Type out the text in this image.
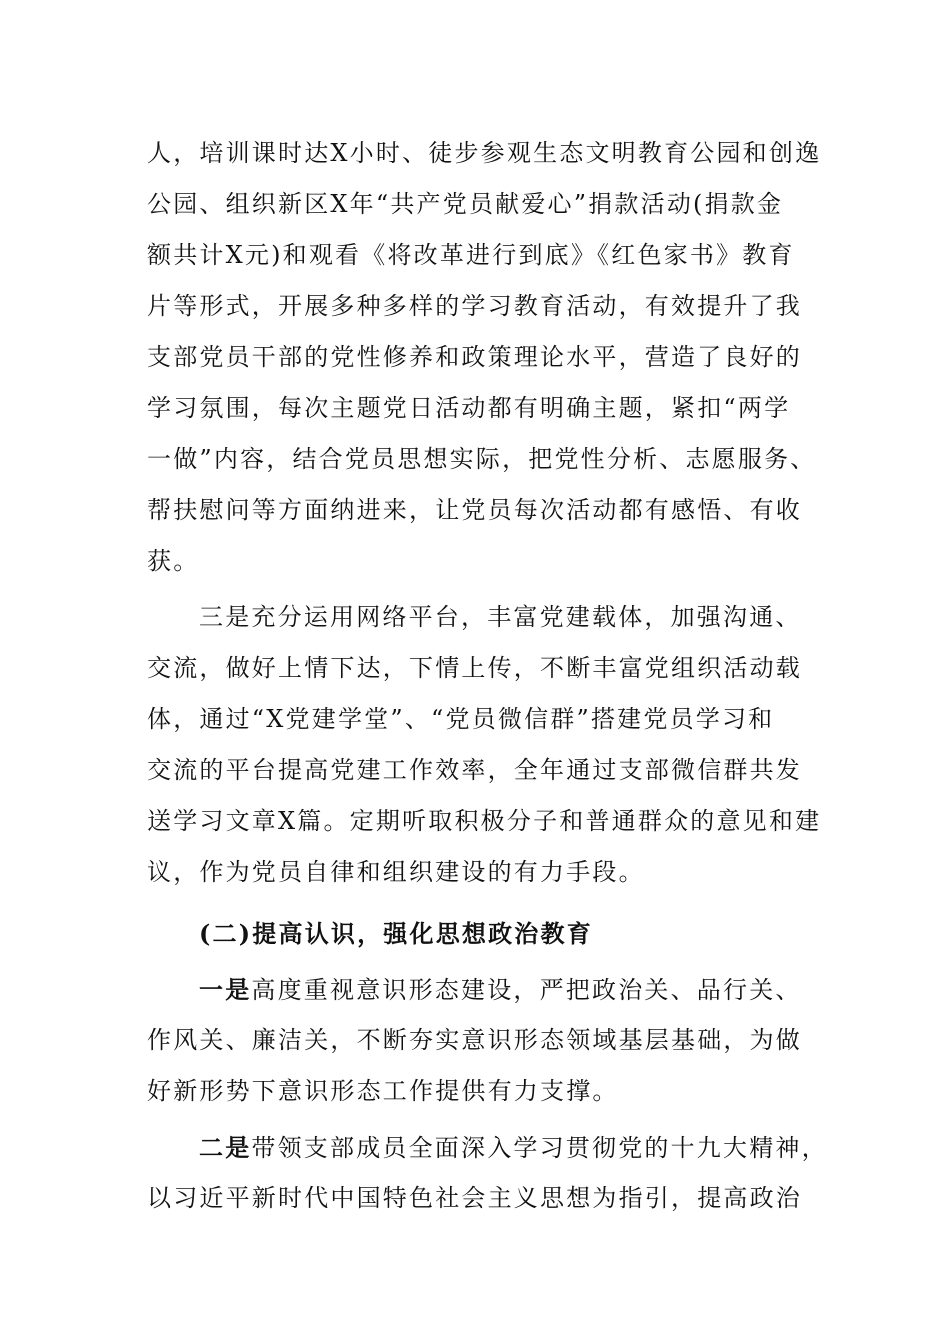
人，培训课时达X小时、徒步参观生态文明教育公园和创逸
公园、组织新区X年“共产党员献爱心”捐款活动(捐款金
额共计X元)和观看《将改革进行到底》《红色家书》教育
片等形式，开展多种多样的学习教育活动，有效提升了我
支部党员干部的党性修养和政策理论水平，营造了良好的
学习氛围，每次主题党日活动都有明确主题，紧扣“两学
一做”内容，结合党员思想实际，把党性分析、志愿服务、
帮扶慰问等方面纳进来，让党员每次活动都有感悟、有收
获。
三是充分运用网络平台，丰富党建载体，加强沟通、
交流，做好上情下达，下情上传，不断丰富党组织活动载
体，通过“X党建学堂”、“党员微信群”搭建党员学习和
交流的平台提高党建工作效率，全年通过支部微信群共发
送学习文章X篇。定期听取积极分子和普通群众的意见和建
议，作为党员自律和组织建设的有力手段。
(二)提高认识，强化思想政治教育
一是高度重视意识形态建设，严把政治关、品行关、
作风关、廉洁关，不断夯实意识形态领域基层基础，为做
好新形势下意识形态工作提供有力支撑。
二是带领支部成员全面深入学习贯彻党的十九大精神，
以习近平新时代中国特色社会主义思想为指引，提高政治
